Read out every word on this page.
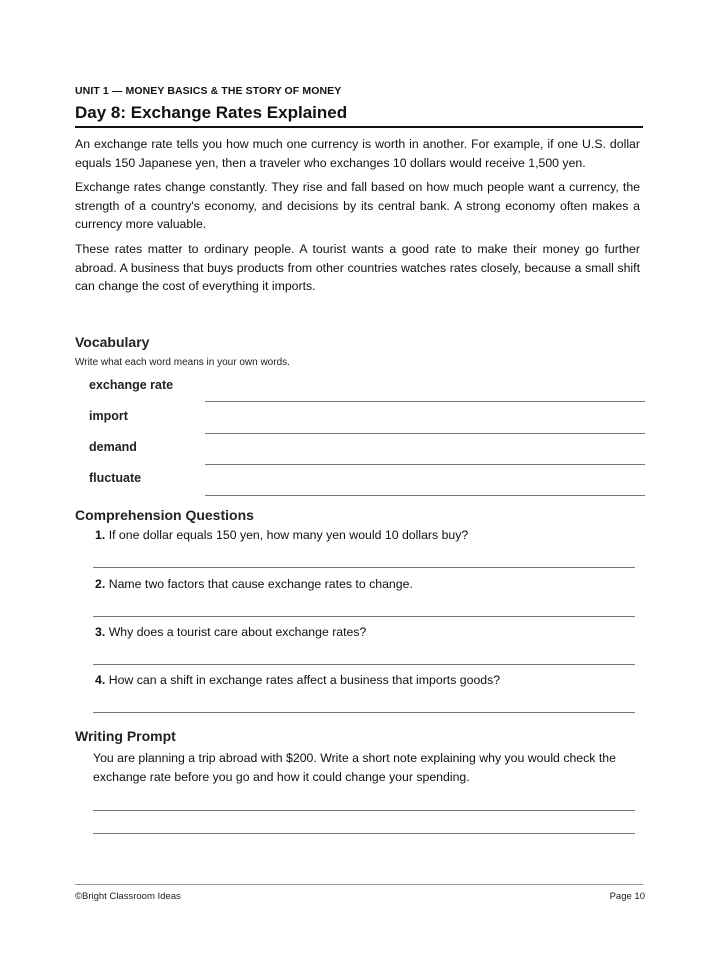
UNIT 1 — MONEY BASICS & THE STORY OF MONEY
Day 8: Exchange Rates Explained

An exchange rate tells you how much one currency is worth in another. For example, if one U.S. dollar equals 150 Japanese yen, then a traveler who exchanges 10 dollars would receive 1,500 yen.

Exchange rates change constantly. They rise and fall based on how much people want a currency, the strength of a country's economy, and decisions by its central bank. A strong economy often makes a currency more valuable.

These rates matter to ordinary people. A tourist wants a good rate to make their money go further abroad. A business that buys products from other countries watches rates closely, because a small shift can change the cost of everything it imports.

Vocabulary
Write what each word means in your own words.
exchange rate
import
demand
fluctuate
Comprehension Questions
1. If one dollar equals 150 yen, how many yen would 10 dollars buy?
2. Name two factors that cause exchange rates to change.
3. Why does a tourist care about exchange rates?
4. How can a shift in exchange rates affect a business that imports goods?
Writing Prompt
You are planning a trip abroad with $200. Write a short note explaining why you would check the exchange rate before you go and how it could change your spending.
©Bright Classroom Ideas	Page 10
